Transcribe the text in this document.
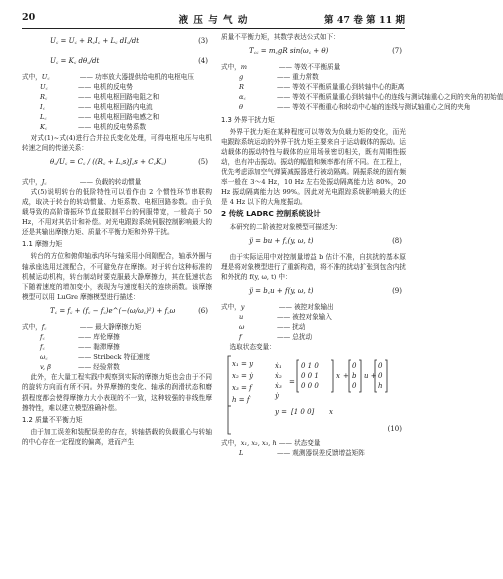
20	液 压 与 气 动	第 47 卷 第 11 期
U꜀ = U꜀ + R꜀I꜀ + L꜀ dI꜀/dt	(3)
U꜀ = K꜀ dθ꜀/dt	(4)
式中，U꜀	—— 功率放大器提供给电机的电枢电压
U꜀	—— 电机的反电势
R꜀	—— 电机电枢回路电阻之和
I꜀	—— 电机电枢回路内电流
L꜀	—— 电机电枢回路电感之和
K꜀	—— 电机的反电势系数

对式(1)~式(4)进行合并拉氏变化处理，可得电枢电压与电机转速之间的传递关系：

θ꜀/U꜀ = C꜀ / ((R꜀ + L꜀s)J꜀s + C꜀K꜀)	(5)
式中，J꜀	—— 负载的转动惯量

式(5)说明转台的低阶特性可以看作由 2 个惯性环节串联构成，取决于转台的转动惯量、力矩系数、电枢回路参数。由于负载导致的高阶谐振环节直接限制平台的伺服带宽，一般高于 50 Hz，不用对其估计和补偿。对光电跟踪系统伺服控制影响最大的还是其输出摩擦力矩、质量不平衡力矩和外界干扰。

1.1 摩擦力矩

转台的方位和俯仰轴承内环与轴采用小间隙配合，轴承外圈与轴承座选用过渡配合，不可避免存在摩擦。对于转台这种标准的机械运动机构，转台制动时要克服最大静摩擦力，其在低速状态下随着速度的增加变小，表现为与速度相关的连续函数。该摩擦模型可以用 LuGre 摩擦模型进行描述：

T꜀ = f꜀ + (f꜀ − f꜀)e^(−(ω/ω꜀)²) + f꜀ω	(6)
式中，f꜀	—— 最大静摩擦力矩
f꜀	—— 库伦摩擦
f꜀	—— 黏滞摩擦
ω꜀	—— Stribeck 特征速度
v, β	—— 经验常数

此外，在大量工程实践中观察到实际的摩擦力矩也会由于不同的旋转方向而有所不同。外界摩擦的变化、轴承的润滑状态和磨损程度都会使得摩擦力大小表现的不一致，这种较强的非线性摩擦特性，难以建立模型准确补偿。

1.2 质量不平衡力矩

由于加工误差和装配误差的存在，转轴搭载的负载重心与转轴的中心存在一定程度的偏离，进而产生

质量不平衡力矩，其数学表达公式如下：

T꜀꜀ = m꜀gR sin(ω꜀ + θ)	(7)
式中，m	—— 等效不平衡质量
g	—— 重力常数
R	—— 等效不平衡质量重心到转轴中心的距离
α꜀	—— 等效不平衡质量重心到转轴中心的连线与测试轴重心之间的夹角的初始值
θ	—— 等效不平衡重心和转动中心轴的连线与测试轴重心之间的夹角
1.3 外界干扰力矩

外界干扰力矩在某种程度可以等效为负载力矩的变化，而光电跟踪系统运动的外界干扰力矩主要来自于运动载体的振动。运动载体的振动特性与载体的应用场景密切相关，既有周期性振动，也有冲击振动。振动的幅值和频率都有所不同。在工程上，优先考虑添加空气弹簧减振器进行被动隔离。隔振系统的固有频率一般在 3～4 Hz，10 Hz 左右处振动隔离能力达 80%，20 Hz 振动隔离能力达 99%。因此对光电跟踪系统影响最大的还是 4 Hz 以下的大角度振动。

2 传统 LADRC 控制系统设计

本研究的二阶被控对象模型可描述为：

ÿ = bu + f꜀(y, ω, t)	(8)

由于实际运用中对控制量增益 b 估计不准，自抗扰的基本原理是将对象模型进行了重新构造，将不准的扰动扩张到包含内扰和外扰的 f(y, ω, t) 中：

ÿ = b꜀u + f(y, ω, t)	(9)
式中，y	—— 被控对象输出
u	—— 被控对象输入
ω	—— 扰动
f	—— 总扰动

选取状态变量：

x₁ = y
x₂ = ẏ
x₃ = f
h = ḟ
ẋ₁
ẋ₂
ẋ₃
ẏ
=
0 1 0
0 0 1
0 0 0
x +
0
b
0
u +
0
0
h
y = [1 0 0] x
(10)
式中，x₁, x₂, x₃, h —— 状态变量
L	—— 观测器误差反馈增益矩阵
